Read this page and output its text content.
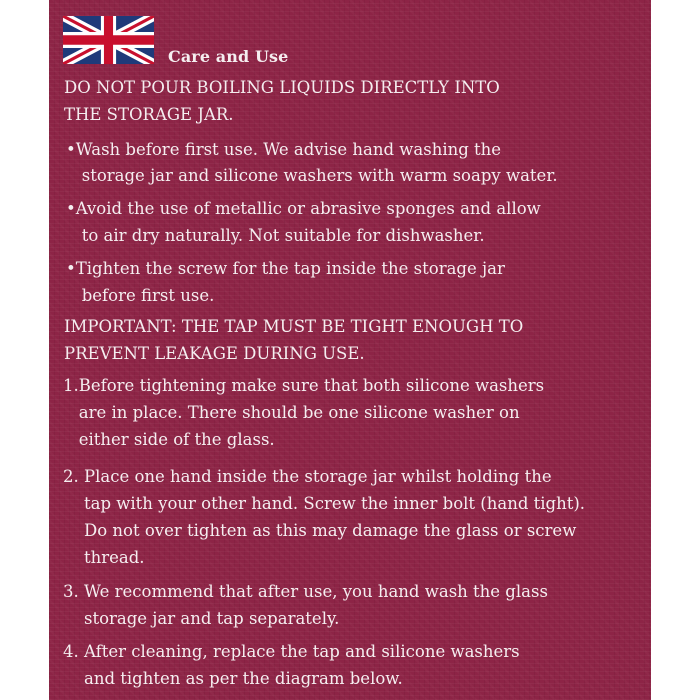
Care and Use

DO NOT POUR BOILING LIQUIDS DIRECTLY INTO

THE STORAGE JAR.

•Wash before first use. We advise hand washing the

storage jar and silicone washers with warm soapy water.

•Avoid the use of metallic or abrasive sponges and allow

to air dry naturally. Not suitable for dishwasher.

•Tighten the screw for the tap inside the storage jar

before first use.

IMPORTANT: THE TAP MUST BE TIGHT ENOUGH TO

PREVENT LEAKAGE DURING USE.

1.Before tightening make sure that both silicone washers

are in place. There should be one silicone washer on

either side of the glass.

2. Place one hand inside the storage jar whilst holding the

tap with your other hand. Screw the inner bolt (hand tight).

Do not over tighten as this may damage the glass or screw

thread.

3. We recommend that after use, you hand wash the glass

storage jar and tap separately.

4. After cleaning, replace the tap and silicone washers

and tighten as per the diagram below.
